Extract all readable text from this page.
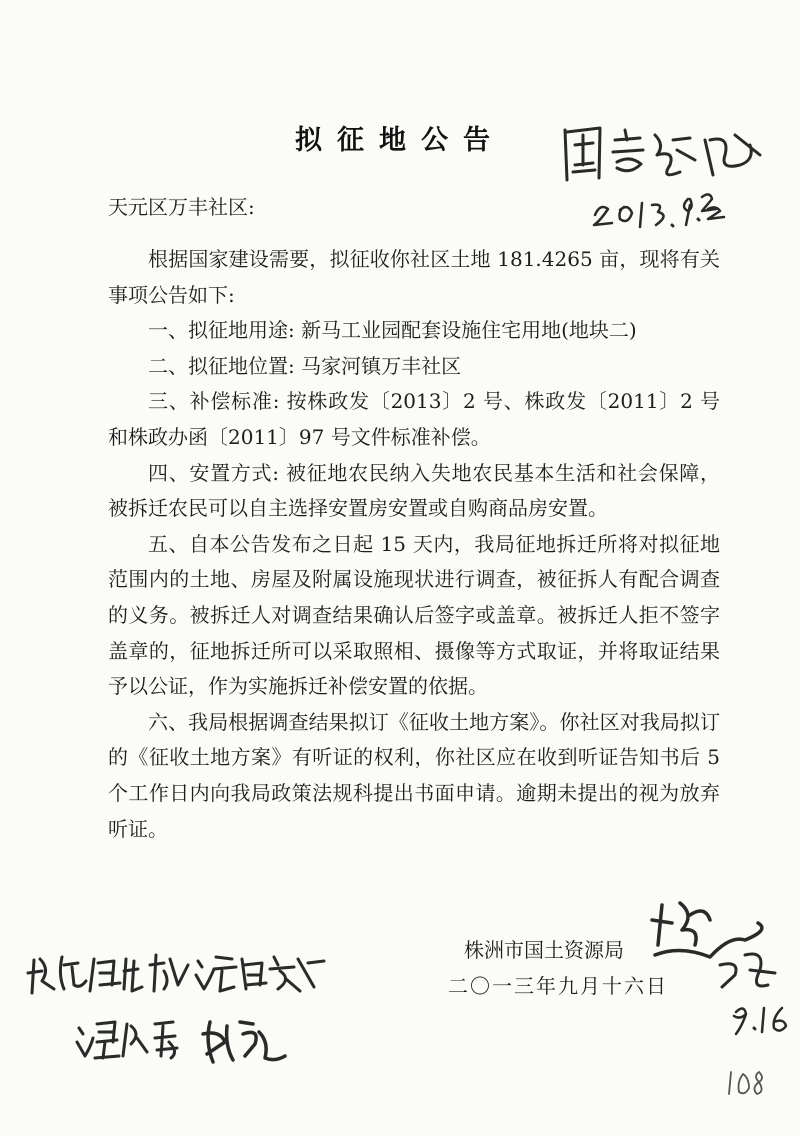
拟征地公告
天元区万丰社区:

根据国家建设需要，拟征收你社区土地 181.4265 亩，现将有关事项公告如下:

一、拟征地用途: 新马工业园配套设施住宅用地(地块二)

二、拟征地位置: 马家河镇万丰社区

三、补偿标准: 按株政发〔2013〕2 号、株政发〔2011〕2 号和株政办函〔2011〕97 号文件标准补偿。

四、安置方式: 被征地农民纳入失地农民基本生活和社会保障，被拆迁农民可以自主选择安置房安置或自购商品房安置。

五、自本公告发布之日起 15 天内，我局征地拆迁所将对拟征地范围内的土地、房屋及附属设施现状进行调查，被征拆人有配合调查的义务。被拆迁人对调查结果确认后签字或盖章。被拆迁人拒不签字盖章的，征地拆迁所可以采取照相、摄像等方式取证，并将取证结果予以公证，作为实施拆迁补偿安置的依据。

六、我局根据调查结果拟订《征收土地方案》。你社区对我局拟订的《征收土地方案》有听证的权利，你社区应在收到听证告知书后 5 个工作日内向我局政策法规科提出书面申请。逾期未提出的视为放弃听证。

株洲市国土资源局
二〇一三年九月十六日
